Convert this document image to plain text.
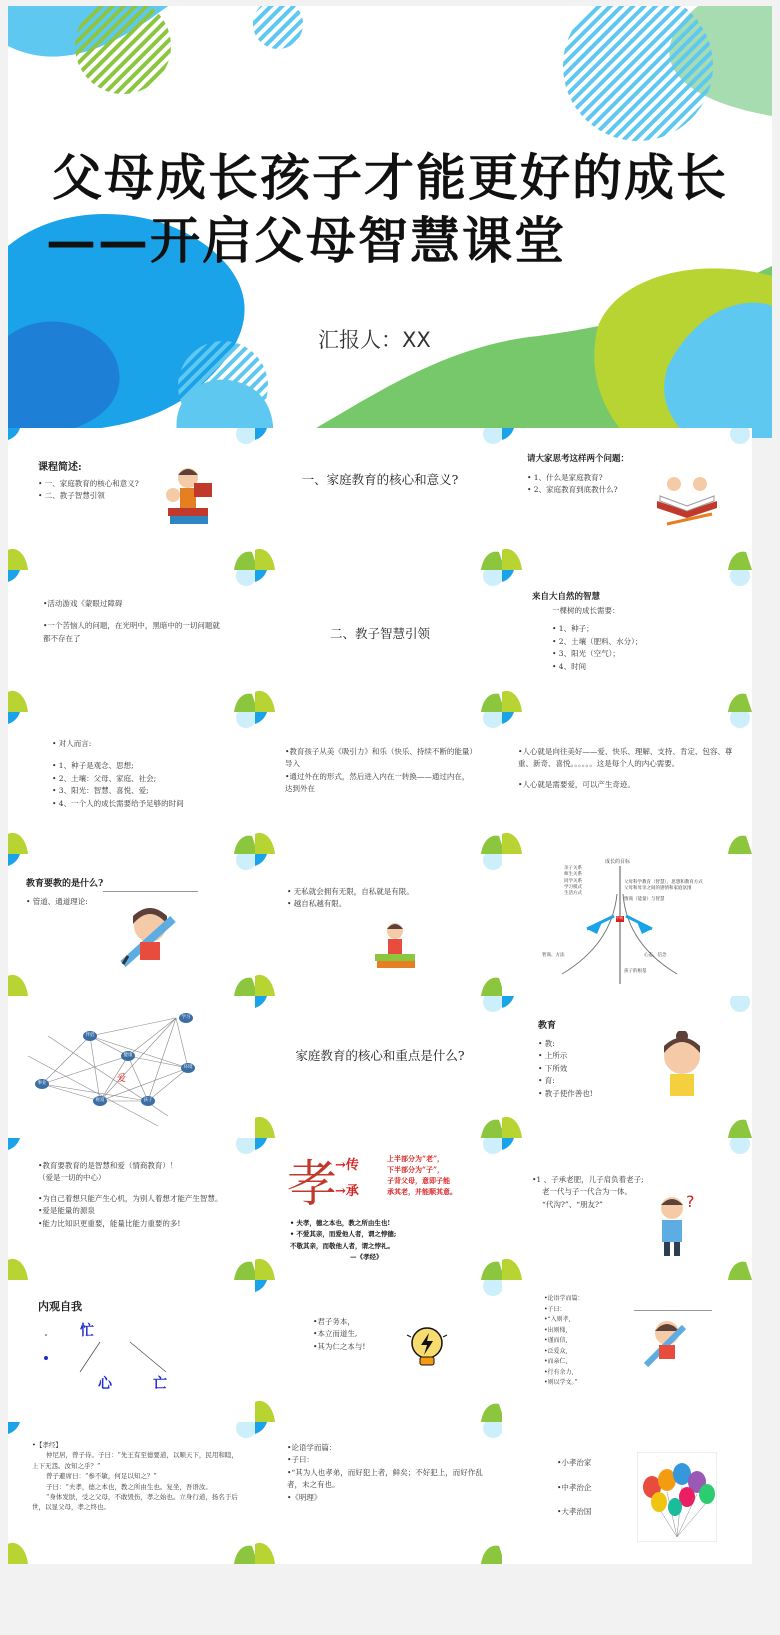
父母成长孩子才能更好的成长
——开启父母智慧课堂
汇报人：XX
课程简述:
• 一、家庭教育的核心和意义?
• 二、教子智慧引领
一、家庭教育的核心和意义?
请大家思考这样两个问题：
• 1、什么是家庭教育?
• 2、家庭教育到底教什么?
•活动游戏《蒙眼过障碍
•一个苦恼人的问题，在光明中，黑暗中的一切问题就都不存在了	二、教子智慧引领
来自大自然的智慧
一棵树的成长需要：
• 1、种子；
• 2、土壤（肥料、水分）；
• 3、阳光（空气）；
• 4、时间
• 对人而言:
• 1、种子是观念、思想;
• 2、土壤：父母、家庭、社会;
• 3、阳光：智慧、喜悦、爱;
• 4、一个人的成长需要给予足够的时间
•教育孩子从美《吸引力》和乐（快乐、持续不断的能量）导入
•通过外在的形式，然后进入内在一转换——通过内在，达到外在
•人心就是向往美好——爱、快乐、理解、支持、肯定、包容、尊重、新奇、喜悦。。。。。。这是每个人的内心需要。
•人心就是需要爱，可以产生奇迹。
教育要教的是什么?
• 管道、通道理论:
• 无私就会拥有无限，自私就是有限。
• 越自私越有限。
成长的目标
亲子关系
师生关系
同学关系
学习模式
生活方式
父母科学教育（智慧），思想和教育方式
父母和母亲之间的感情和家庭氛围
情商（能量）与智慧
中间
智商、方法	心态、信念
孩子的根基
学习
伴侣
健康
环境
事业
孩子
财富
爱
家庭教育的核心和重点是什么?
教育
• 教:
• 上所示
• 下所效
• 育:
• 教子使作善也!
•教育要教育的是智慧和爱（情商教育）！
（爱是一切的中心）
•为自己着想只能产生心机，为别人着想才能产生智慧。
•爱是能量的源泉
•能力比知识更重要，能量比能力重要的多!
孝
→传
→承
上半部分为“老”，
下半部分为“子”，
子背父母，意即子能
承其老，并能顺其意。
• 夫孝，德之本也，教之所由生也!
• 不爱其亲，而爱他人者，谓之悖德;
不敬其亲，而敬他人者，谓之悖礼。
—《孝经》
•1 、子承老肥，儿子肩负着老子;
老一代与子一代合为一体。
“代沟?”、“朋友?”	?
内观自我
忙
心	亡
•君子务本，
•本立而道生,
•其为仁之本与!
•论语学而篇：
•子曰：
•“入则孝,
•出则悌,
•谨而信,
•泛爱众,
•而亲仁,
•行有余力,
•则以学文。”
•【孝经】
仲尼居，曾子侍。子曰：“先王有至德要道，以顺天下，民用和睦，上下无怨。汝知之乎？”
曾子避席曰：“参不敏，何足以知之？”
子曰：“夫孝，德之本也，教之所由生也。复坐，吾语汝。
“身体发肤，受之父母，不敢毁伤，孝之始也。立身行道，扬名于后世，以显父母，孝之终也。
•论语学而篇：
•子曰：
•“其为人也孝弟，而好犯上者，鲜矣；不好犯上，而好作乱者，未之有也。
•《明理》
•小孝治家
•中孝治企
•大孝治国
